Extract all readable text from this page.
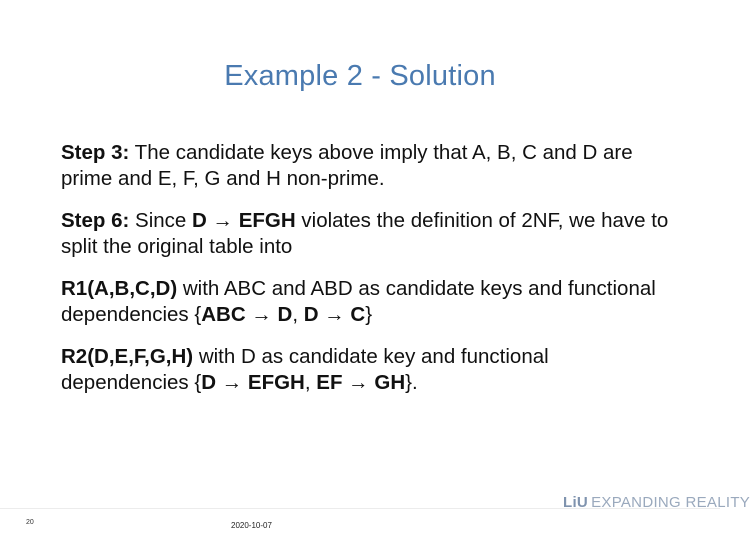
Example 2 - Solution

Step 3: The candidate keys above imply that A, B, C and D are prime and E, F, G and H non-prime.

Step 6: Since D → EFGH violates the definition of 2NF, we have to split the original table into

R1(A,B,C,D) with ABC and ABD as candidate keys and functional dependencies {ABC → D, D → C}

R2(D,E,F,G,H) with D as candidate key and functional dependencies {D → EFGH, EF → GH}.

LiU EXPANDING REALITY
20	2020-10-07
